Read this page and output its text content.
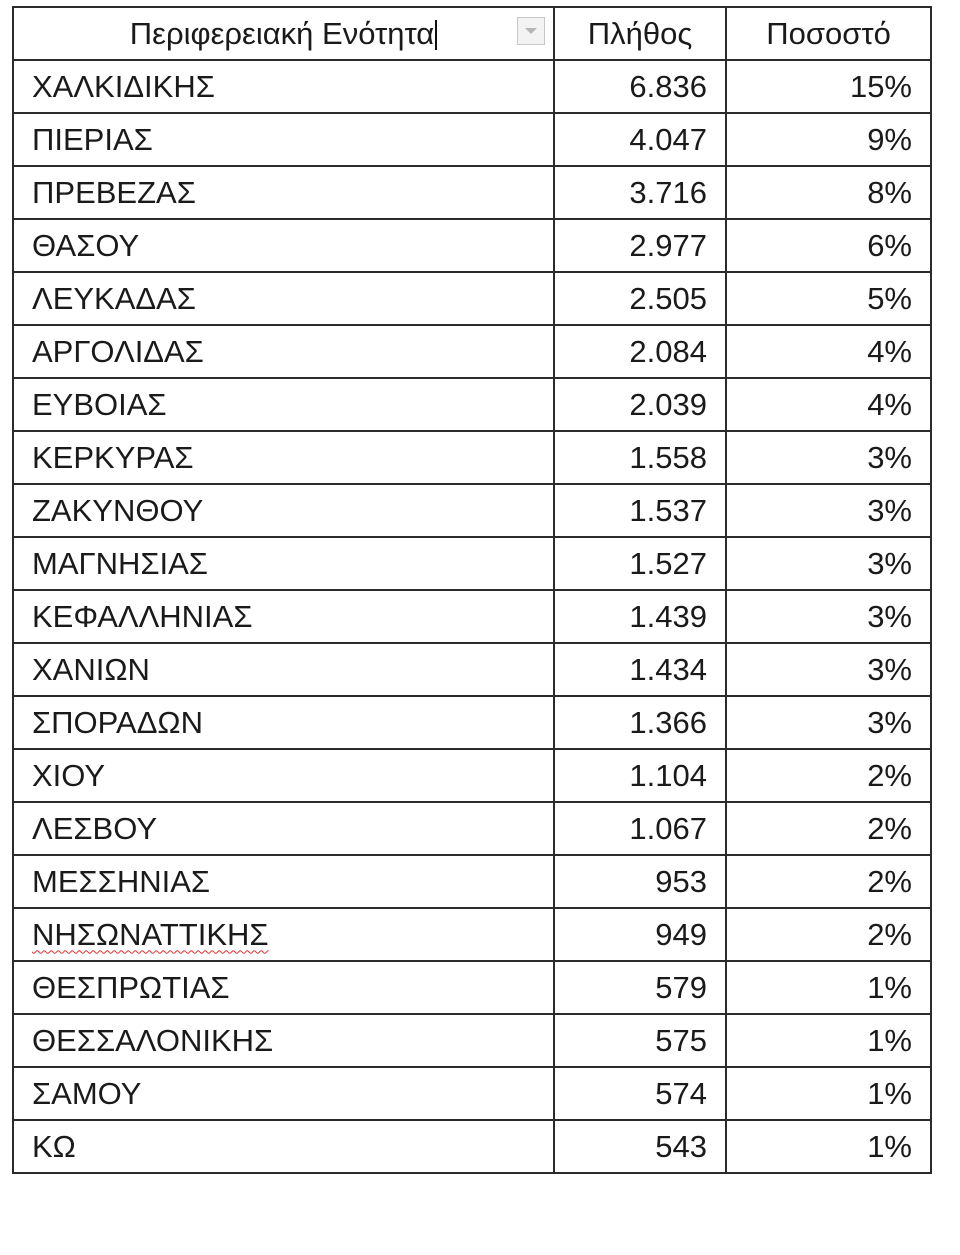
Περιφερειακή Ενότητα	Πλήθος	Ποσοστό
ΧΑΛΚΙΔΙΚΗΣ	6.836	15%
ΠΙΕΡΙΑΣ	4.047	9%
ΠΡΕΒΕΖΑΣ	3.716	8%
ΘΑΣΟΥ	2.977	6%
ΛΕΥΚΑΔΑΣ	2.505	5%
ΑΡΓΟΛΙΔΑΣ	2.084	4%
ΕΥΒΟΙΑΣ	2.039	4%
ΚΕΡΚΥΡΑΣ	1.558	3%
ΖΑΚΥΝΘΟΥ	1.537	3%
ΜΑΓΝΗΣΙΑΣ	1.527	3%
ΚΕΦΑΛΛΗΝΙΑΣ	1.439	3%
ΧΑΝΙΩΝ	1.434	3%
ΣΠΟΡΑΔΩΝ	1.366	3%
ΧΙΟΥ	1.104	2%
ΛΕΣΒΟΥ	1.067	2%
ΜΕΣΣΗΝΙΑΣ	953	2%
ΝΗΣΩΝΑΤΤΙΚΗΣ	949	2%
ΘΕΣΠΡΩΤΙΑΣ	579	1%
ΘΕΣΣΑΛΟΝΙΚΗΣ	575	1%
ΣΑΜΟΥ	574	1%
ΚΩ	543	1%
